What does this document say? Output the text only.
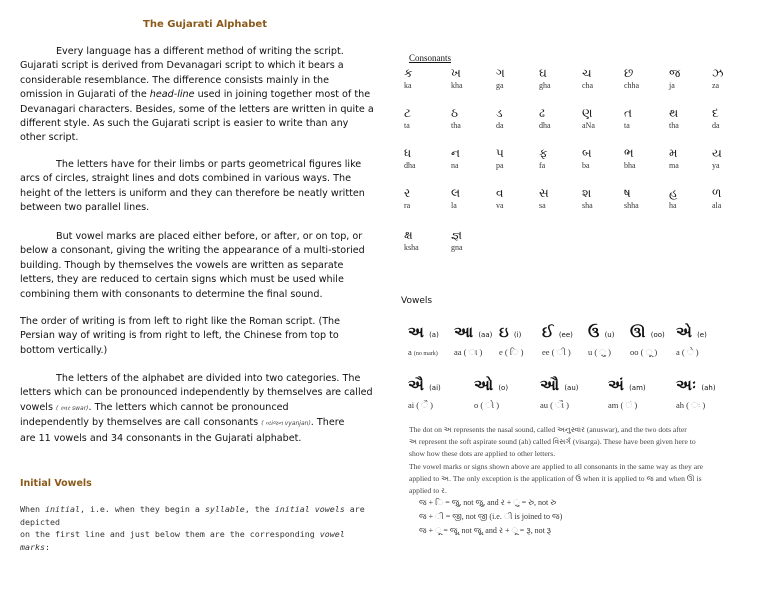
The Gujarati Alphabet
Every language has a different method of writing the script.
Gujarati script is derived from Devanagari script to which it bears a
considerable resemblance. The difference consists mainly in the
omission in Gujarati of the head-line used in joining together most of the
Devanagari characters. Besides, some of the letters are written in quite a
different style. As such the Gujarati script is easier to write than any
other script.
The letters have for their limbs or parts geometrical figures like
arcs of circles, straight lines and dots combined in various ways. The
height of the letters is uniform and they can therefore be neatly written
between two parallel lines.
But vowel marks are placed either before, or after, or on top, or
below a consonant, giving the writing the appearance of a multi-storied
building. Though by themselves the vowels are written as separate
letters, they are reduced to certain signs which must be used while
combining them with consonants to determine the final sound.
The order of writing is from left to right like the Roman script. (The
Persian way of writing is from right to left, the Chinese from top to
bottom vertically.)
The letters of the alphabet are divided into two categories. The
letters which can be pronounced independently by themselves are called
vowels ( સ્વર swar). The letters which cannot be pronounced
independently by themselves are call consonants ( વ્યંજન vyanjan). There
are 11 vowels and 34 consonants in the Gujarati alphabet.
Initial Vowels
When initial, i.e. when they begin a syllable, the initial vowels are depicted
on the first line and just below them are the corresponding vowel marks:
Consonants
ક
ka
ખ
kha
ગ
ga
ઘ
gha
ચ
cha
છ
chha
જ
ja
ઝ
za
ટ
ta
ઠ
tha
ડ
da
ઢ
dha
ણ
aNa
ત
ta
થ
tha
દ
da
ધ
dha
ન
na
પ
pa
ફ
fa
બ
ba
ભ
bha
મ
ma
ય
ya
ર
ra
લ
la
વ
va
સ
sa
શ
sha
ષ
shha
હ
ha
ળ
ala
ક્ષ
ksha
જ્ઞ
gna
Vowels
અ (a)
a (no mark)
આ (aa)
aa ( ા )
ઇ (i)
e ( િ )
ઈ (ee)
ee ( ી )
ઉ (u)
u ( ુ )
ઊ (oo)
oo ( ૂ )
એ (e)
a ( ે )
ઐ (ai)
ai ( ૈ )
ઓ (o)
o ( ો )
ઔ (au)
au ( ૌ )
અં (am)
am ( ં )
અઃ (ah)
ah ( ઃ )
The dot on અ represents the nasal sound, called અનુસ્વાર (anuswar), and the two dots after
અ represent the soft aspirate sound (ah) called વિસર્ગ (visarga). These have been given here to
show how these dots are applied to other letters.
The vowel marks or signs shown above are applied to all consonants in the same way as they are
applied to અ. The only exception is the application of ઉ when it is applied to જ and when ઊ is
applied to ર.
જ + િ = જુ, not જુ, and ર + ુ = રુ, not રુ
જ + ી = જી, not જી (i.e. ી is joined to જ)
જ + ૂ = જૂ, not જૂ, and ર + ૂ = રૂ, not રૂ
